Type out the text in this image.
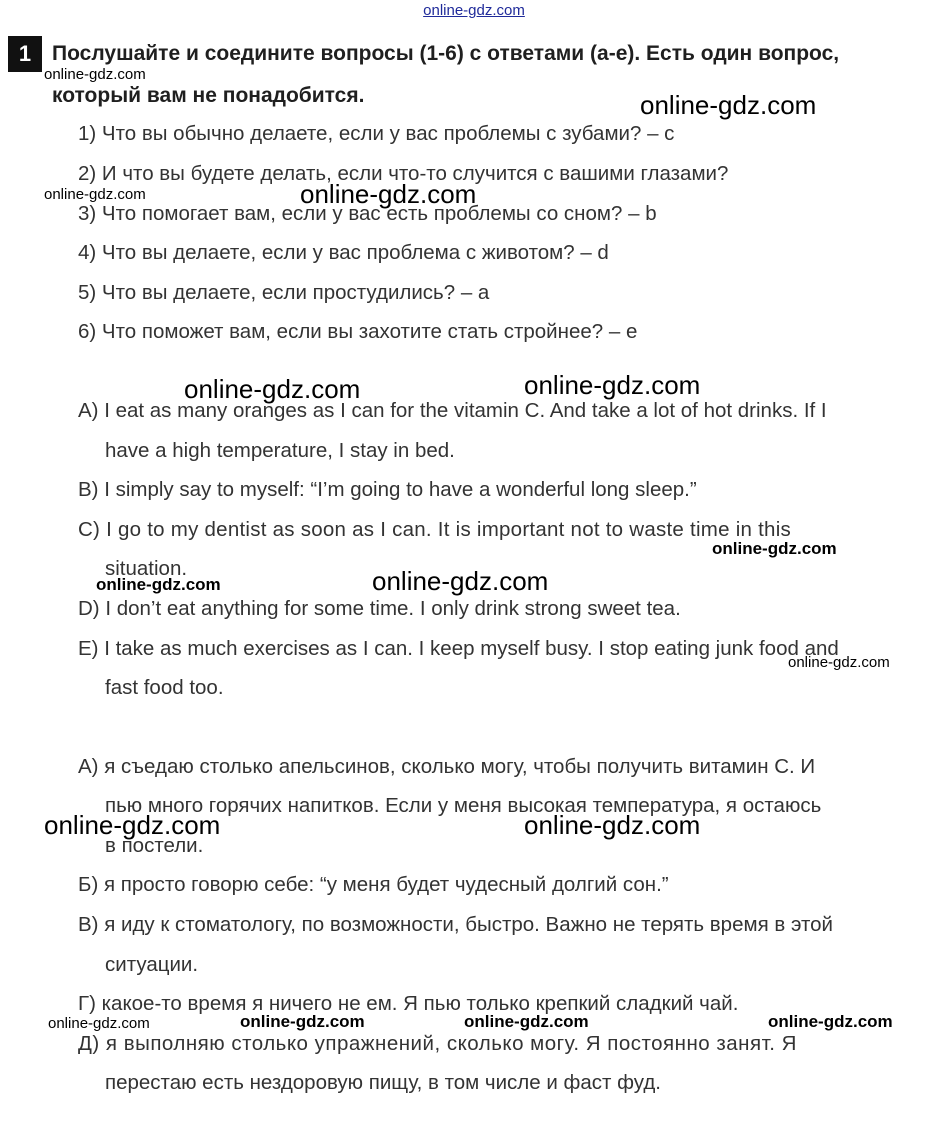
online-gdz.com
1 Послушайте и соедините вопросы (1-6) с ответами (a-e). Есть один вопрос,
который вам не понадобится.
1) Что вы обычно делаете, если у вас проблемы с зубами? – c
2) И что вы будете делать, если что-то случится с вашими глазами?
3) Что помогает вам, если у вас есть проблемы со сном? – b
4) Что вы делаете, если у вас проблема с животом? – d
5) Что вы делаете, если простудились? – a
6) Что поможет вам, если вы захотите стать стройнее? – e
A) I eat as many oranges as I can for the vitamin C. And take a lot of hot drinks. If I
have a high temperature, I stay in bed.
B) I simply say to myself: “I’m going to have a wonderful long sleep.”
C) I go to my dentist as soon as I can. It is important not to waste time in this
situation.
D) I don’t eat anything for some time. I only drink strong sweet tea.
E) I take as much exercises as I can. I keep myself busy. I stop eating junk food and
fast food too.
А) я съедаю столько апельсинов, сколько могу, чтобы получить витамин C. И
пью много горячих напитков. Если у меня высокая температура, я остаюсь
в постели.
Б) я просто говорю себе: “у меня будет чудесный долгий сон.”
В) я иду к стоматологу, по возможности, быстро. Важно не терять время в этой
ситуации.
Г) какое-то время я ничего не ем. Я пью только крепкий сладкий чай.
Д) я выполняю столько упражнений, сколько могу. Я постоянно занят. Я
перестаю есть нездоровую пищу, в том числе и фаст фуд.
online-gdz.com
online-gdz.com
online-gdz.com	online-gdz.com
online-gdz.com	online-gdz.com
online-gdz.com
online-gdz.com	online-gdz.com
online-gdz.com
online-gdz.com	online-gdz.com
online-gdz.com	online-gdz.com	online-gdz.com	online-gdz.com
